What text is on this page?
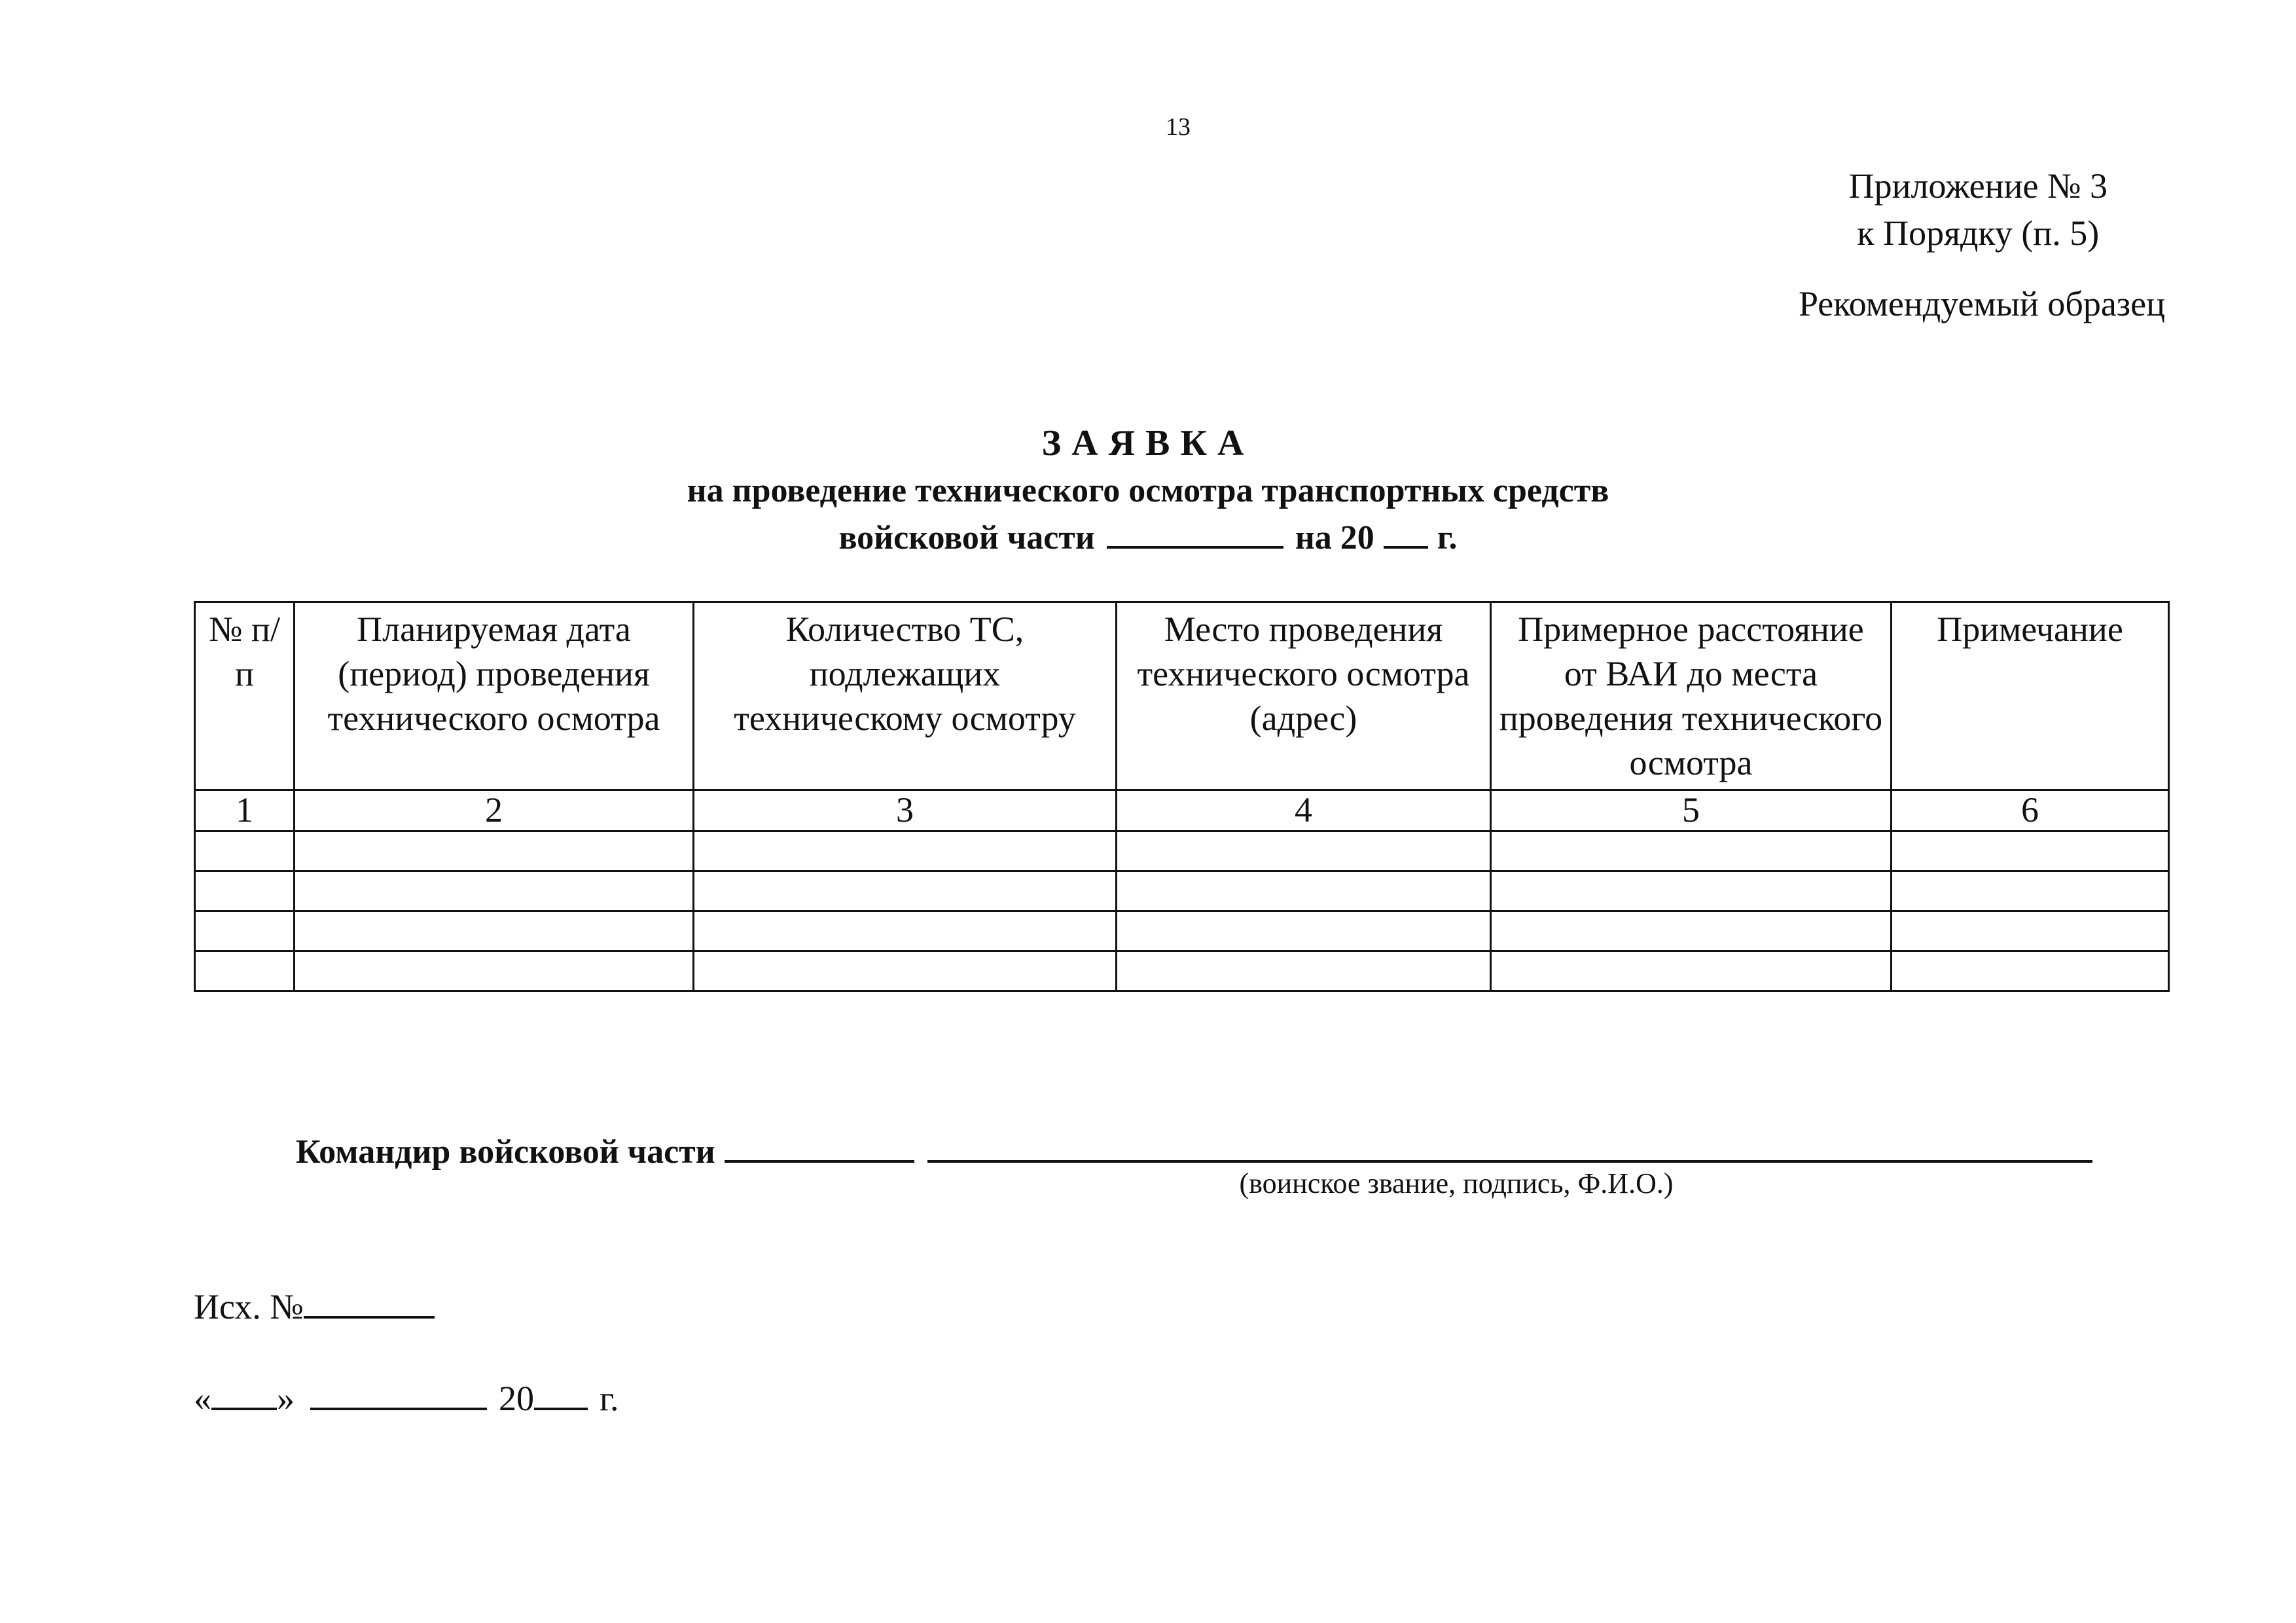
13
Приложение № 3
к Порядку (п. 5)
Рекомендуемый образец
ЗАЯВКА
на проведение технического осмотра транспортных средств
войсковой части	на 20 г.
№ п/п	Планируемая дата (период) проведения технического осмотра	Количество ТС, подлежащих техническому осмотру	Место проведения технического осмотра (адрес)	Примерное расстояние от ВАИ до места проведения технического осмотра	Примечание
1	2	3	4	5	6

Командир войсковой части
(воинское звание, подпись, Ф.И.О.)
Исх. №
« »	20 г.
